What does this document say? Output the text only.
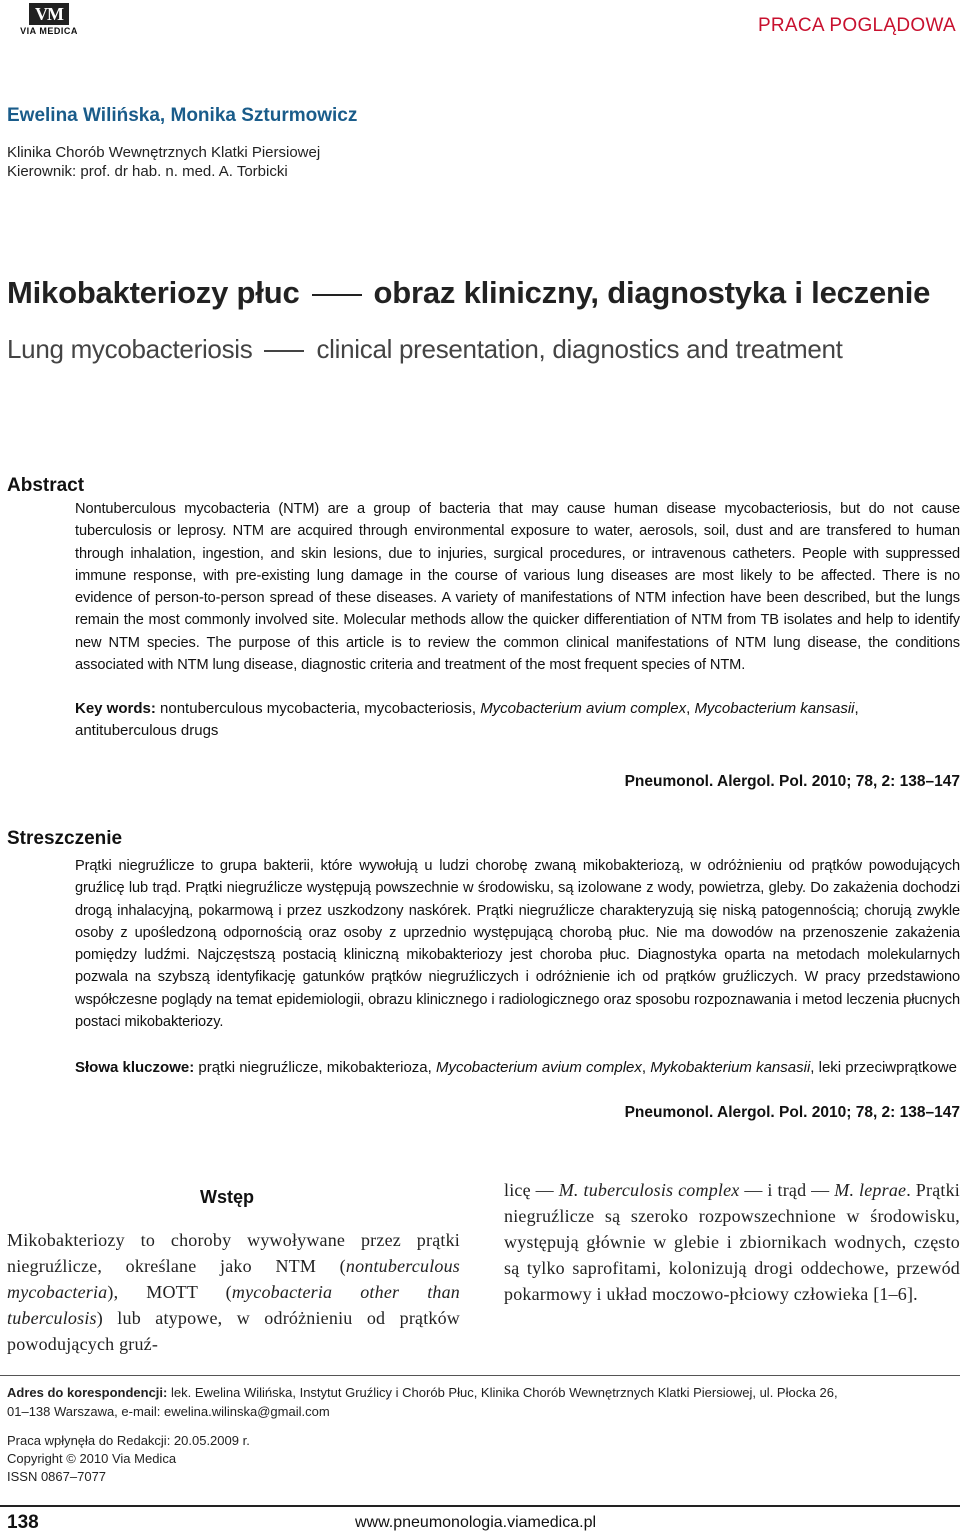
VM
VIA MEDICA	PRACA POGLĄDOWA
Ewelina Wilińska, Monika Szturmowicz
Klinika Chorób Wewnętrznych Klatki Piersiowej
Kierownik: prof. dr hab. n. med. A. Torbicki
Mikobakteriozy płuc obraz kliniczny, diagnostyka i leczenie
Lung mycobacteriosis clinical presentation, diagnostics and treatment
Abstract
Nontuberculous mycobacteria (NTM) are a group of bacteria that may cause human disease mycobacteriosis, but do not cause tuberculosis or leprosy. NTM are acquired through environmental exposure to water, aerosols, soil, dust and are transfered to human through inhalation, ingestion, and skin lesions, due to injuries, surgical procedures, or intravenous catheters. People with suppressed immune response, with pre-existing lung damage in the course of various lung diseases are most likely to be affected. There is no evidence of person-to-person spread of these diseases. A variety of manifestations of NTM infection have been described, but the lungs remain the most commonly involved site. Molecular methods allow the quicker differentiation of NTM from TB isolates and help to identify new NTM species. The purpose of this article is to review the common clinical manifestations of NTM lung disease, the conditions associated with NTM lung disease, diagnostic criteria and treatment of the most frequent species of NTM.
Key words: nontuberculous mycobacteria, mycobacteriosis, Mycobacterium avium complex, Mycobacterium kansasii, antituberculous drugs
Pneumonol. Alergol. Pol. 2010; 78, 2: 138–147
Streszczenie
Prątki niegruźlicze to grupa bakterii, które wywołują u ludzi chorobę zwaną mikobakteriozą, w odróżnieniu od prątków powodujących gruźlicę lub trąd. Prątki niegruźlicze występują powszechnie w środowisku, są izolowane z wody, powietrza, gleby. Do zakażenia dochodzi drogą inhalacyjną, pokarmową i przez uszkodzony naskórek. Prątki niegruźlicze charakteryzują się niską patogennością; chorują zwykle osoby z upośledzoną odpornością oraz osoby z uprzednio występującą chorobą płuc. Nie ma dowodów na przenoszenie zakażenia pomiędzy ludźmi. Najczęstszą postacią kliniczną mikobakteriozy jest choroba płuc. Diagnostyka oparta na metodach molekularnych pozwala na szybszą identyfikację gatunków prątków niegruźliczych i odróżnienie ich od prątków gruźliczych. W pracy przedstawiono współczesne poglądy na temat epidemiologii, obrazu klinicznego i radiologicznego oraz sposobu rozpoznawania i metod leczenia płucnych postaci mikobakteriozy.
Słowa kluczowe: prątki niegruźlicze, mikobakterioza, Mycobacterium avium complex, Mykobakterium kansasii, leki przeciwprątkowe
Pneumonol. Alergol. Pol. 2010; 78, 2: 138–147
Wstęp
Mikobakteriozy to choroby wywoływane przez prątki niegruźlicze, określane jako NTM (nontuberculous mycobacteria), MOTT (mycobacteria other than tuberculosis) lub atypowe, w odróżnieniu od prątków powodujących gruź-
licę — M. tuberculosis complex — i trąd — M. leprae. Prątki niegruźlicze są szeroko rozpowszechnione w środowisku, występują głównie w glebie i zbiornikach wodnych, często są tylko saprofitami, kolonizują drogi oddechowe, przewód pokarmowy i układ moczowo-płciowy człowieka [1–6].
Adres do korespondencji: lek. Ewelina Wilińska, Instytut Gruźlicy i Chorób Płuc, Klinika Chorób Wewnętrznych Klatki Piersiowej, ul. Płocka 26,
01–138 Warszawa, e-mail: ewelina.wilinska@gmail.com
Praca wpłynęła do Redakcji: 20.05.2009 r.
Copyright © 2010 Via Medica
ISSN 0867–7077
138	www.pneumonologia.viamedica.pl
